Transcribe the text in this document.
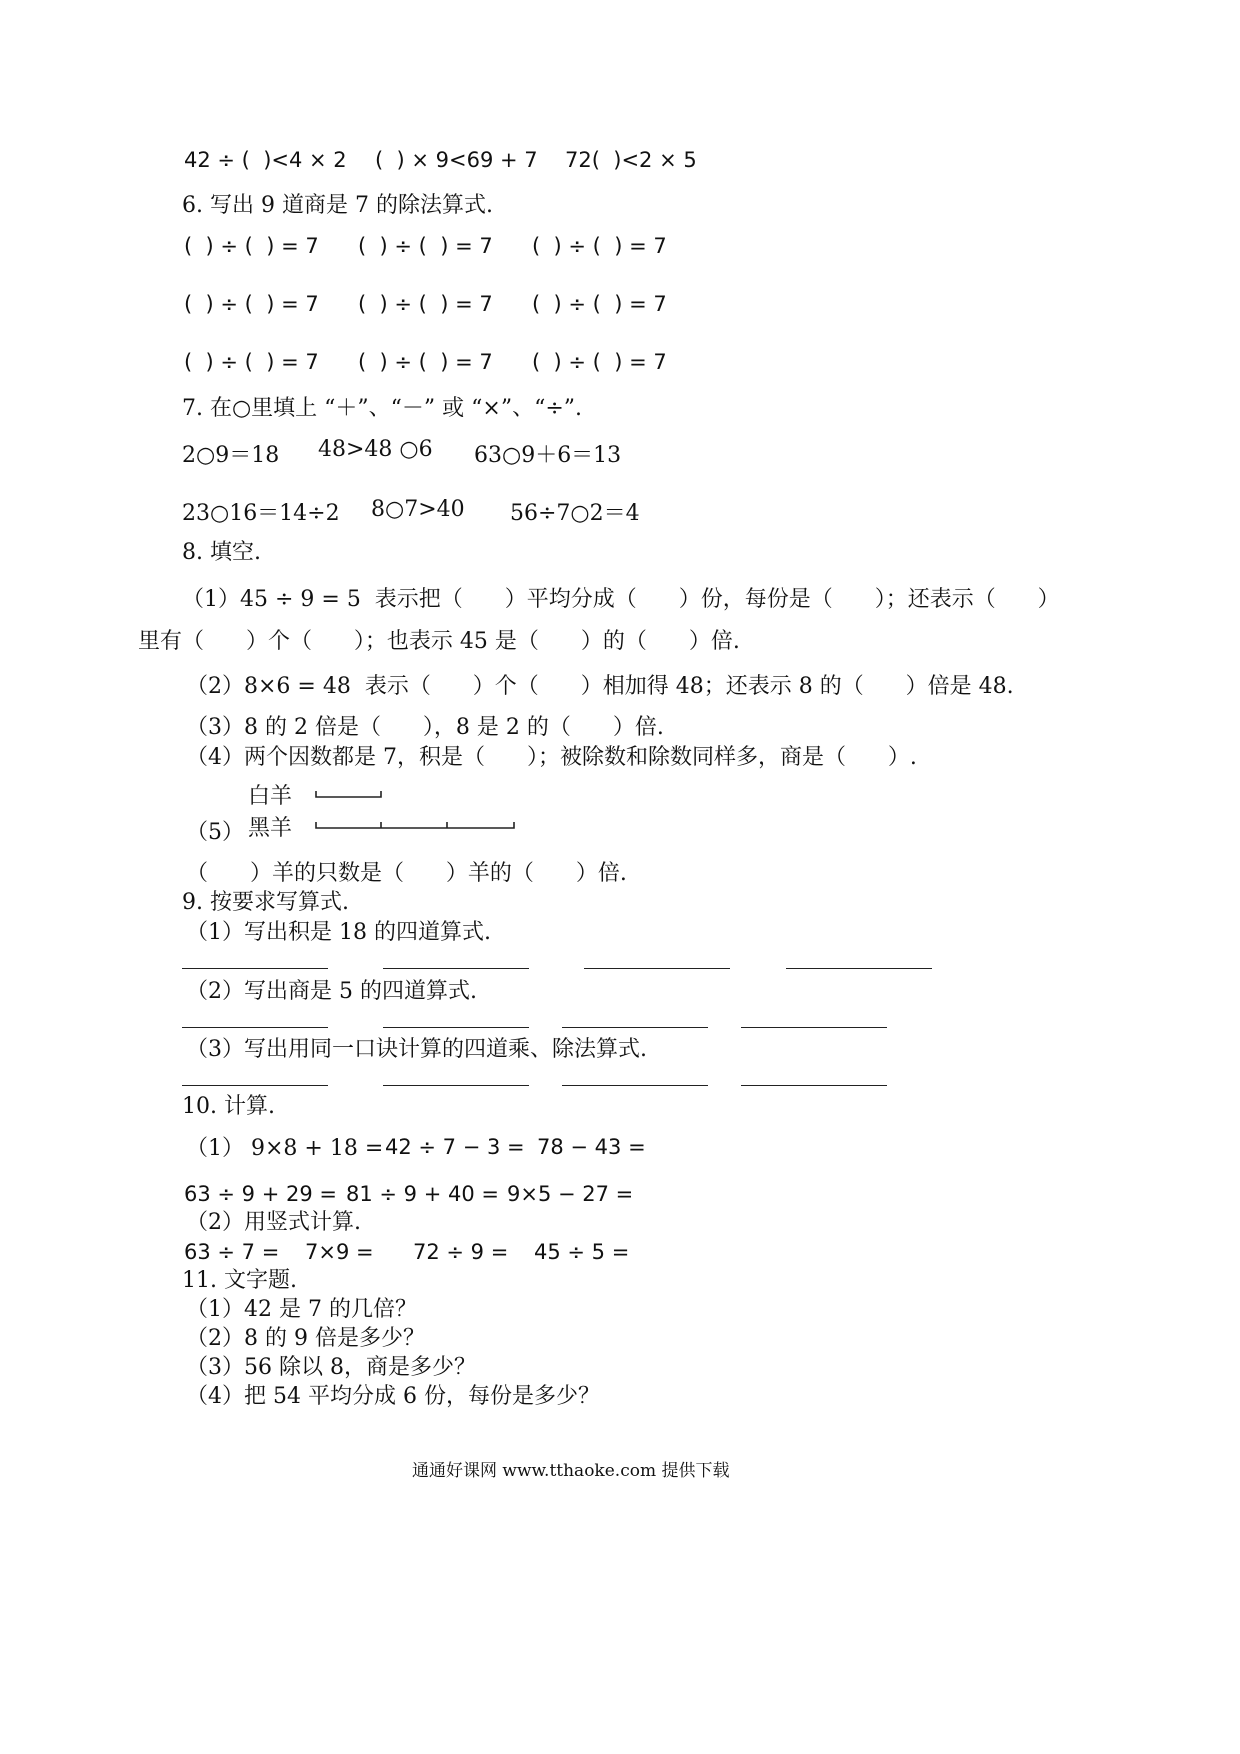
42 ÷ (  )<4 × 2 (  ) × 9<69 + 7 72(  )<2 × 5
6. 写出 9 道商是 7 的除法算式.
(  ) ÷ (  ) = 7 (  ) ÷ (  ) = 7 (  ) ÷ (  ) = 7
(  ) ÷ (  ) = 7 (  ) ÷ (  ) = 7 (  ) ÷ (  ) = 7
(  ) ÷ (  ) = 7 (  ) ÷ (  ) = 7 (  ) ÷ (  ) = 7
7. 在○里填上 “＋”、“－” 或 “×”、“÷”.
2○9＝18 48>48 ○6 63○9＋6＝13
23○16＝14÷2 8○7>40 56÷7○2＝4
8. 填空.
（1）45 ÷ 9 = 5  表示把（      ）平均分成（      ）份，每份是（      ）；还表示（      ）
里有（      ）个（      ）；也表示 45 是（      ）的（      ）倍.
（2）8×6 = 48  表示（      ）个（      ）相加得 48；还表示 8 的（      ）倍是 48.
（3）8 的 2 倍是（      ），8 是 2 的（      ）倍.
（4）两个因数都是 7，积是（      ）；被除数和除数同样多，商是（      ）.
白羊
（5） 黑羊
（      ）羊的只数是（      ）羊的（      ）倍.
9. 按要求写算式.
（1）写出积是 18 的四道算式.
（2）写出商是 5 的四道算式.
（3）写出用同一口诀计算的四道乘、除法算式.
10. 计算.
（1） 9×8 + 18 = 42 ÷ 7 − 3 = 78 − 43 =
63 ÷ 9 + 29 = 81 ÷ 9 + 40 = 9×5 − 27 =
（2）用竖式计算.
63 ÷ 7 = 7×9 = 72 ÷ 9 = 45 ÷ 5 =
11. 文字题.
（1）42 是 7 的几倍？
（2）8 的 9 倍是多少？
（3）56 除以 8，商是多少？
（4）把 54 平均分成 6 份，每份是多少？
通通好课网 www.tthaoke.com 提供下载
